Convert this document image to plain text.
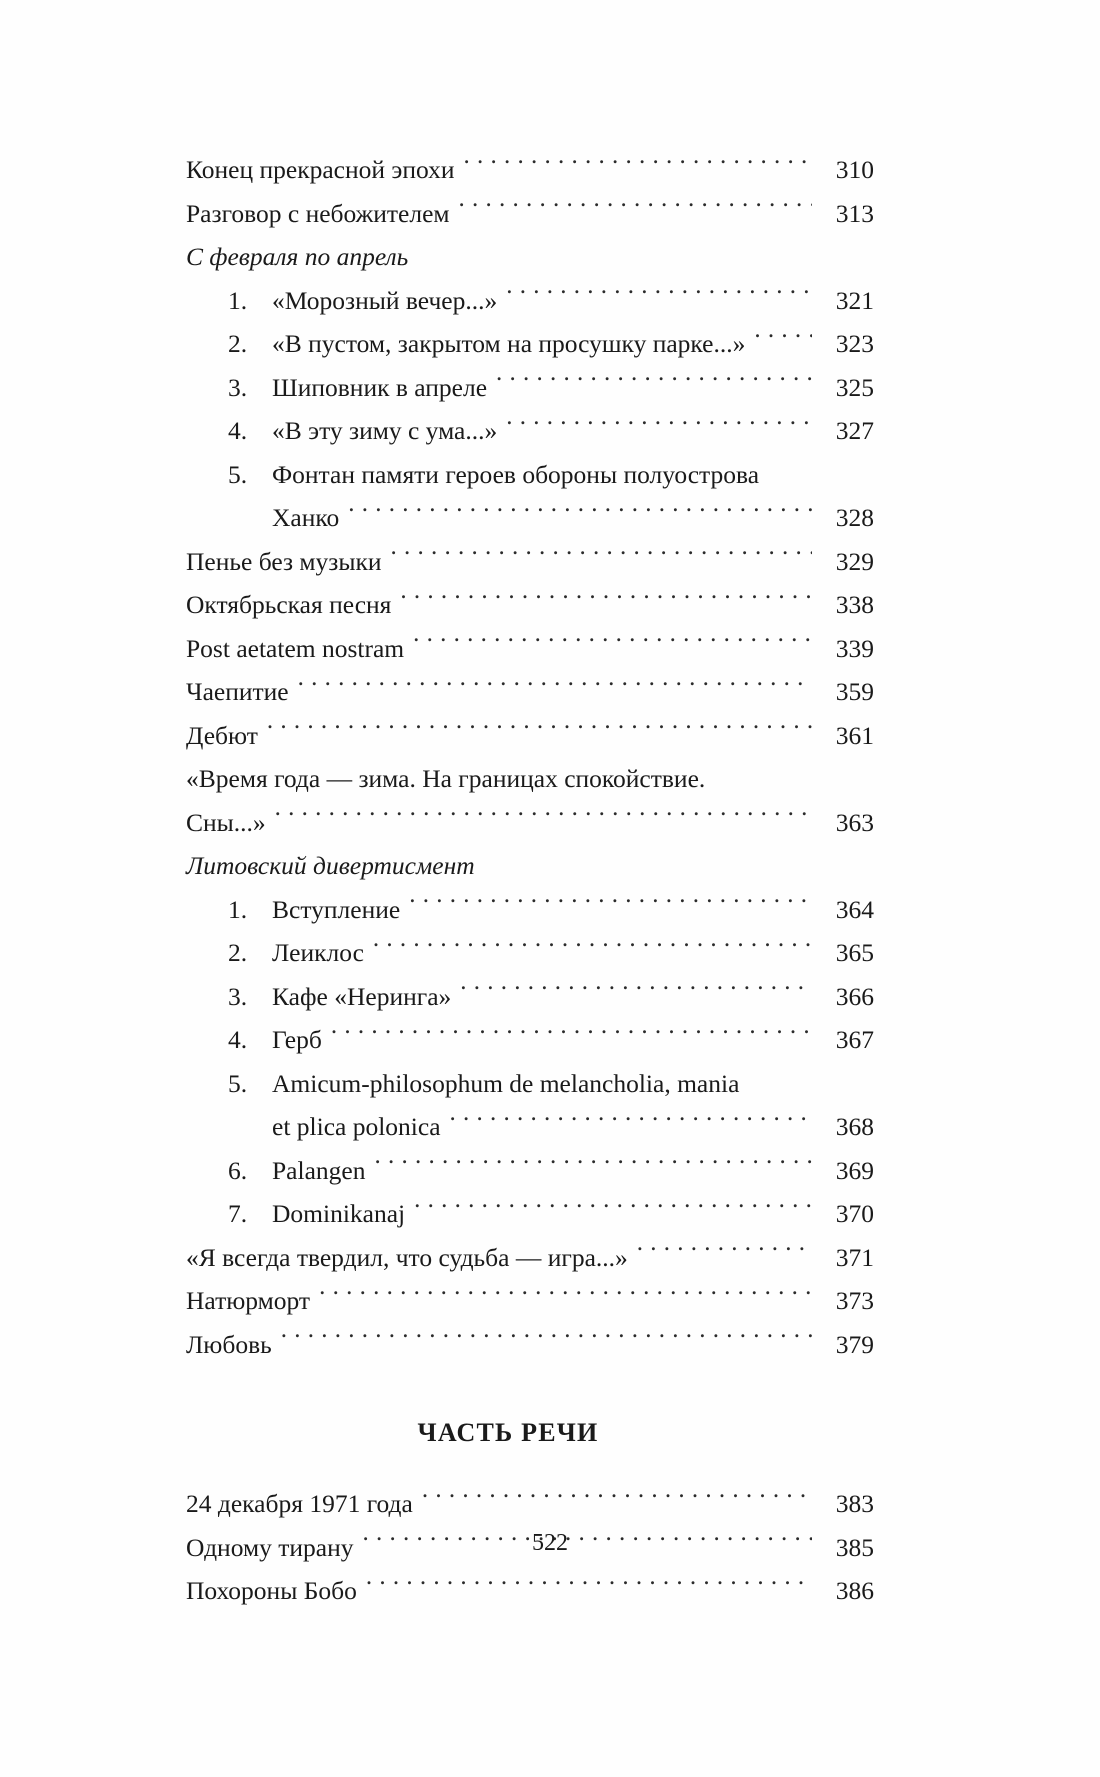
Конец прекрасной эпохи . . .	310
Разговор с небожителем . . .	313
С февраля по апрель
1. «Морозный вечер...» . . .	321
2. «В пустом, закрытом на просушку парке...» . . .	323
3. Шиповник в апреле . . .	325
4. «В эту зиму с ума...» . . .	327
5. Фонтан памяти героев обороны полуострова
Ханко . . .	328
Пенье без музыки . . .	329
Октябрьская песня . . .	338
Post aetatem nostram . . .	339
Чаепитие . . .	359
Дебют . . .	361
«Время года — зима. На границах спокойствие.
Сны...» . . .	363
Литовский дивертисмент
1. Вступление . . .	364
2. Леиклос . . .	365
3. Кафе «Неринга» . . .	366
4. Герб . . .	367
5. Amicum-philosophum de melancholia, mania
et plica polonica . . .	368
6. Palangen . . .	369
7. Dominikanaj . . .	370
«Я всегда твердил, что судьба — игра...» . . .	371
Натюрморт . . .	373
Любовь . . .	379
ЧАСТЬ РЕЧИ
24 декабря 1971 года . . .	383
Одному тирану . . .	385
Похороны Бобо . . .	386
522
